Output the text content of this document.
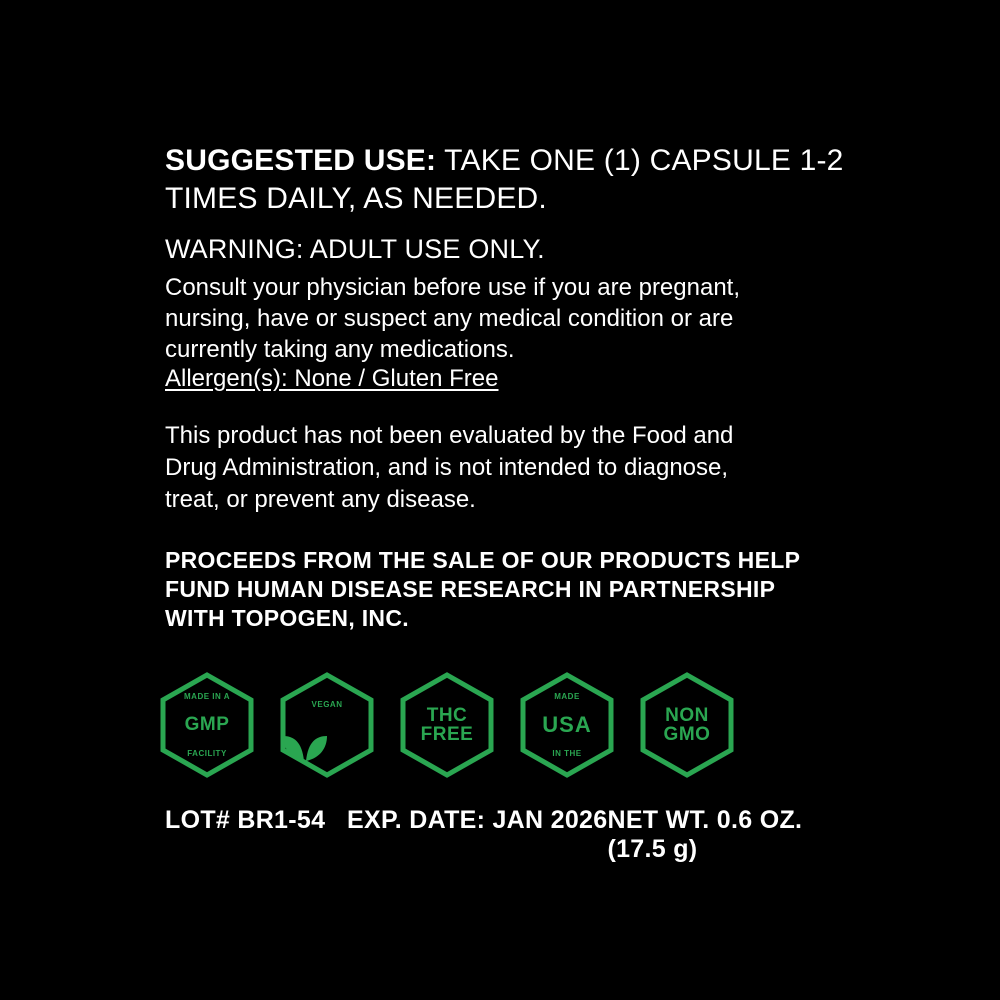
SUGGESTED USE: TAKE ONE (1) CAPSULE 1-2 TIMES DAILY, AS NEEDED.
WARNING: ADULT USE ONLY.
Consult your physician before use if you are pregnant, nursing, have or suspect any medical condition or are currently taking any medications.
Allergen(s): None / Gluten Free
This product has not been evaluated by the Food and Drug Administration, and is not intended to diagnose, treat, or prevent any disease.
PROCEEDS FROM THE SALE OF OUR PRODUCTS HELP FUND HUMAN DISEASE RESEARCH IN PARTNERSHIP WITH TOPOGEN, INC.
MADE IN A
GMP
FACILITY
VEGAN
THC
FREE
MADE
USA
IN THE
NON
GMO
LOT# BR1-54   EXP. DATE: JAN 2026 NET WT. 0.6 OZ. (17.5 g)
